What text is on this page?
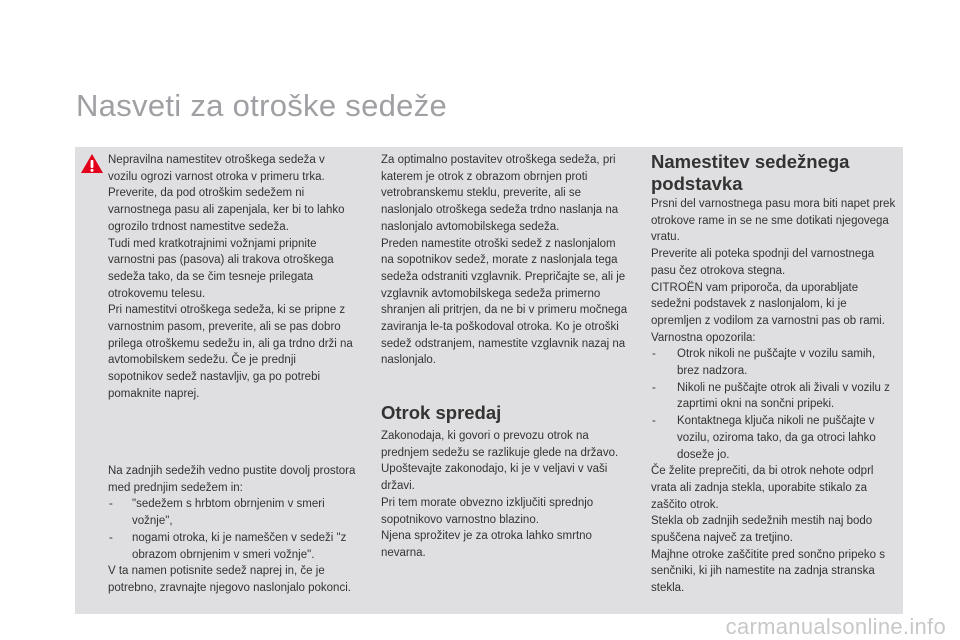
Nasveti za otroške sedeže

Nepravilna namestitev otroškega sedeža v vozilu ogrozi varnost otroka v primeru trka.
Preverite, da pod otroškim sedežem ni varnostnega pasu ali zapenjala, ker bi to lahko ogrozilo trdnost namestitve sedeža.
Tudi med kratkotrajnimi vožnjami pripnite varnostni pas (pasova) ali trakova otroškega sedeža tako, da se čim tesneje prilegata otrokovemu telesu.
Pri namestitvi otroškega sedeža, ki se pripne z varnostnim pasom, preverite, ali se pas dobro prilega otroškemu sedežu in, ali ga trdno drži na avtomobilskem sedežu. Če je prednji sopotnikov sedež nastavljiv, ga po potrebi pomaknite naprej.

Na zadnjih sedežih vedno pustite dovolj prostora med prednjim sedežem in:

- "sedežem s hrbtom obrnjenim v smeri vožnje",
- nogami otroka, ki je nameščen v sedeži "z obrazom obrnjenim v smeri vožnje".

V ta namen potisnite sedež naprej in, če je potrebno, zravnajte njegovo naslonjalo pokonci.

Za optimalno postavitev otroškega sedeža, pri katerem je otrok z obrazom obrnjen proti vetrobranskemu steklu, preverite, ali se naslonjalo otroškega sedeža trdno naslanja na naslonjalo avtomobilskega sedeža.
Preden namestite otroški sedež z naslonjalom na sopotnikov sedež, morate z naslonjala tega sedeža odstraniti vzglavnik. Prepričajte se, ali je vzglavnik avtomobilskega sedeža primerno shranjen ali pritrjen, da ne bi v primeru močnega zaviranja le-ta poškodoval otroka. Ko je otroški sedež odstranjem, namestite vzglavnik nazaj na naslonjalo.

Otrok spredaj

Zakonodaja, ki govori o prevozu otrok na prednjem sedežu se razlikuje glede na državo. Upoštevajte zakonodajo, ki je v veljavi v vaši državi.
Pri tem morate obvezno izključiti sprednjo sopotnikovo varnostno blazino.
Njena sprožitev je za otroka lahko smrtno nevarna.

Namestitev sedežnega podstavka

Prsni del varnostnega pasu mora biti napet prek otrokove rame in se ne sme dotikati njegovega vratu.
Preverite ali poteka spodnji del varnostnega pasu čez otrokova stegna.
CITROËN vam priporoča, da uporabljate sedežni podstavek z naslonjalom, ki je opremljen z vodilom za varnostni pas ob rami.
Varnostna opozorila:

- Otrok nikoli ne puščajte v vozilu samih, brez nadzora.
- Nikoli ne puščajte otrok ali živali v vozilu z zaprtimi okni na sončni pripeki.
- Kontaktnega ključa nikoli ne puščajte v vozilu, oziroma tako, da ga otroci lahko doseže jo.

Če želite preprečiti, da bi otrok nehote odprl vrata ali zadnja stekla, uporabite stikalo za zaščito otrok.
Stekla ob zadnjih sedežnih mestih naj bodo spuščena največ za tretjino.
Majhne otroke zaščitite pred sončno pripeko s senčniki, ki jih namestite na zadnja stranska stekla.

carmanualsonline.info
